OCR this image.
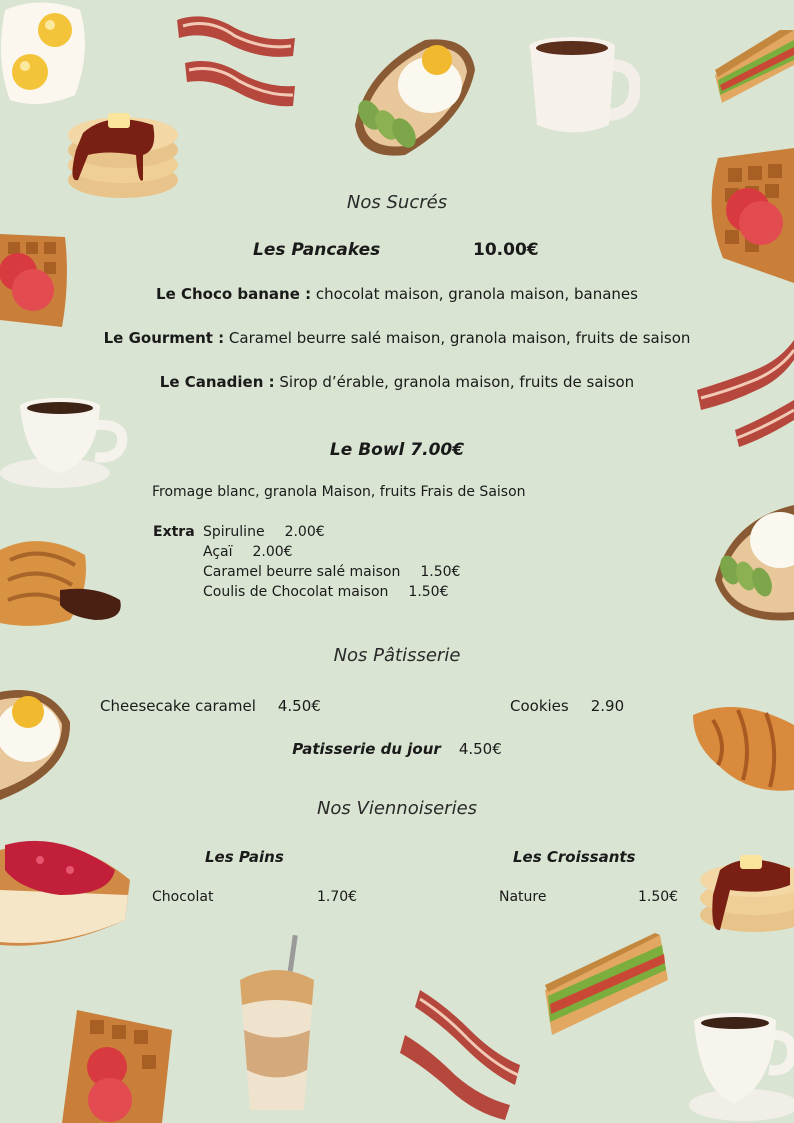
Nos Sucrés
Les Pancakes	10.00€
Le Choco banane : chocolat maison, granola maison, bananes
Le Gourment : Caramel beurre salé maison, granola maison, fruits de saison
Le Canadien : Sirop d’érable, granola maison, fruits de saison
Le Bowl 7.00€
Fromage blanc, granola Maison, fruits Frais de Saison
Extra Spiruline 2.00€
Açaï 2.00€
Caramel beurre salé maison 1.50€
Coulis de Chocolat maison 1.50€
Nos Pâtisserie
Cheesecake caramel 4.50€	Cookies 2.90
Patisserie du jour 4.50€
Nos Viennoiseries
Les Pains	Les Croissants
Chocolat	1.70€	Nature	1.50€
